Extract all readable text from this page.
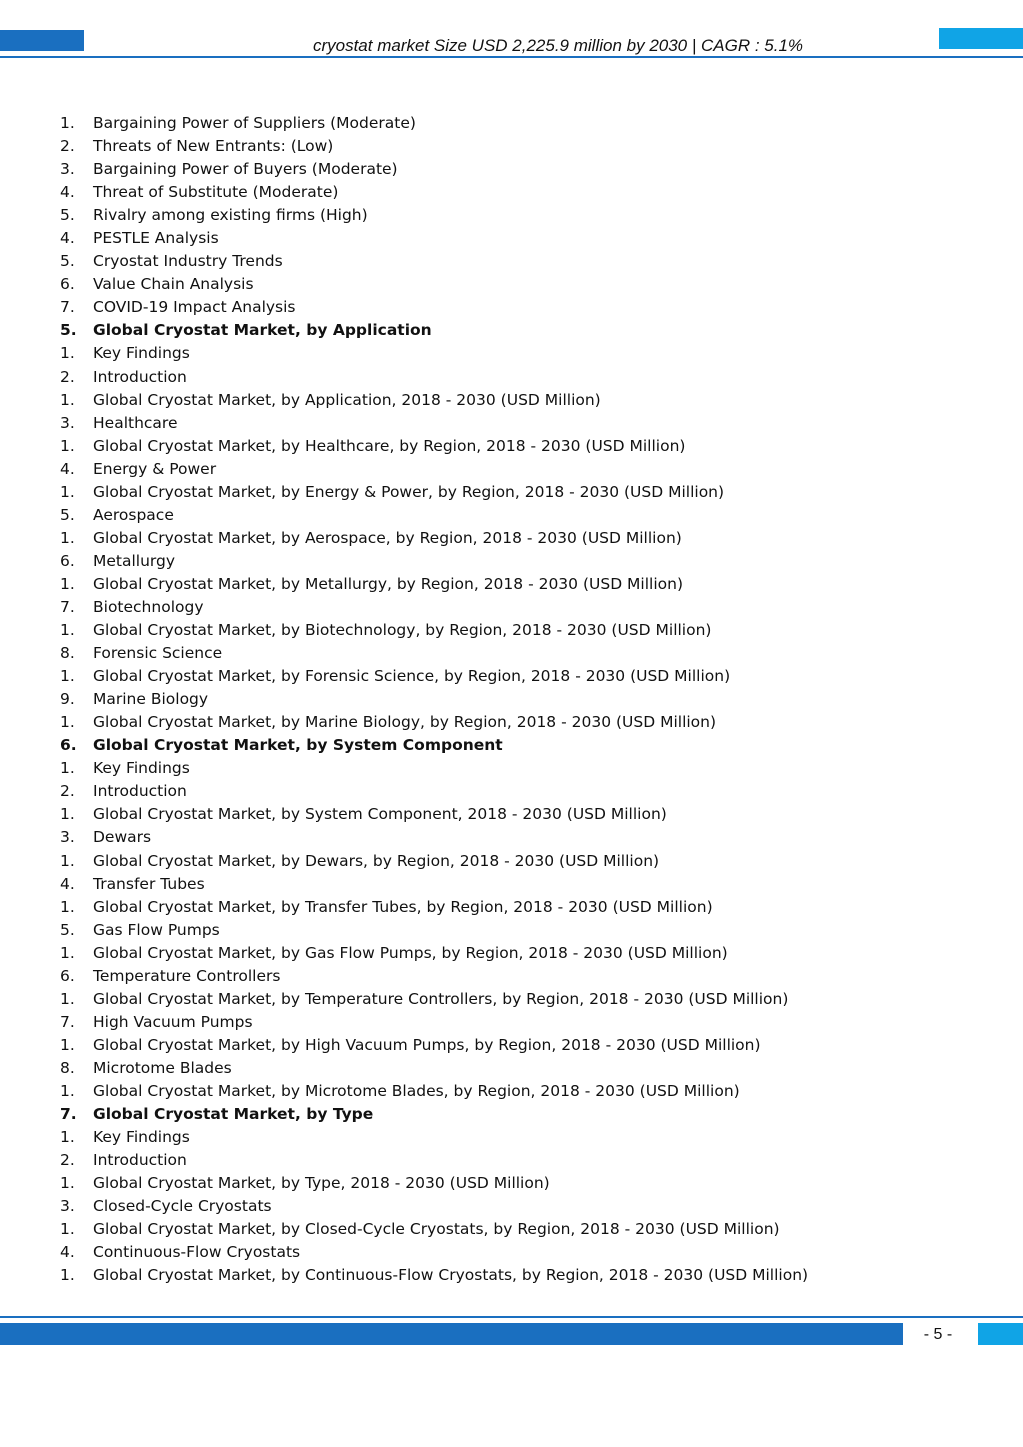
cryostat market Size USD 2,225.9 million by 2030 | CAGR : 5.1%
1. Bargaining Power of Suppliers (Moderate)
2. Threats of New Entrants: (Low)
3. Bargaining Power of Buyers (Moderate)
4. Threat of Substitute (Moderate)
5. Rivalry among existing firms (High)
4. PESTLE Analysis
5. Cryostat Industry Trends
6. Value Chain Analysis
7. COVID-19 Impact Analysis
5. Global Cryostat Market, by Application
1. Key Findings
2. Introduction
1. Global Cryostat Market, by Application, 2018 - 2030 (USD Million)
3. Healthcare
1. Global Cryostat Market, by Healthcare, by Region, 2018 - 2030 (USD Million)
4. Energy & Power
1. Global Cryostat Market, by Energy & Power, by Region, 2018 - 2030 (USD Million)
5. Aerospace
1. Global Cryostat Market, by Aerospace, by Region, 2018 - 2030 (USD Million)
6. Metallurgy
1. Global Cryostat Market, by Metallurgy, by Region, 2018 - 2030 (USD Million)
7. Biotechnology
1. Global Cryostat Market, by Biotechnology, by Region, 2018 - 2030 (USD Million)
8. Forensic Science
1. Global Cryostat Market, by Forensic Science, by Region, 2018 - 2030 (USD Million)
9. Marine Biology
1. Global Cryostat Market, by Marine Biology, by Region, 2018 - 2030 (USD Million)
6. Global Cryostat Market, by System Component
1. Key Findings
2. Introduction
1. Global Cryostat Market, by System Component, 2018 - 2030 (USD Million)
3. Dewars
1. Global Cryostat Market, by Dewars, by Region, 2018 - 2030 (USD Million)
4. Transfer Tubes
1. Global Cryostat Market, by Transfer Tubes, by Region, 2018 - 2030 (USD Million)
5. Gas Flow Pumps
1. Global Cryostat Market, by Gas Flow Pumps, by Region, 2018 - 2030 (USD Million)
6. Temperature Controllers
1. Global Cryostat Market, by Temperature Controllers, by Region, 2018 - 2030 (USD Million)
7. High Vacuum Pumps
1. Global Cryostat Market, by High Vacuum Pumps, by Region, 2018 - 2030 (USD Million)
8. Microtome Blades
1. Global Cryostat Market, by Microtome Blades, by Region, 2018 - 2030 (USD Million)
7. Global Cryostat Market, by Type
1. Key Findings
2. Introduction
1. Global Cryostat Market, by Type, 2018 - 2030 (USD Million)
3. Closed-Cycle Cryostats
1. Global Cryostat Market, by Closed-Cycle Cryostats, by Region, 2018 - 2030 (USD Million)
4. Continuous-Flow Cryostats
1. Global Cryostat Market, by Continuous-Flow Cryostats, by Region, 2018 - 2030 (USD Million)
- 5 -
